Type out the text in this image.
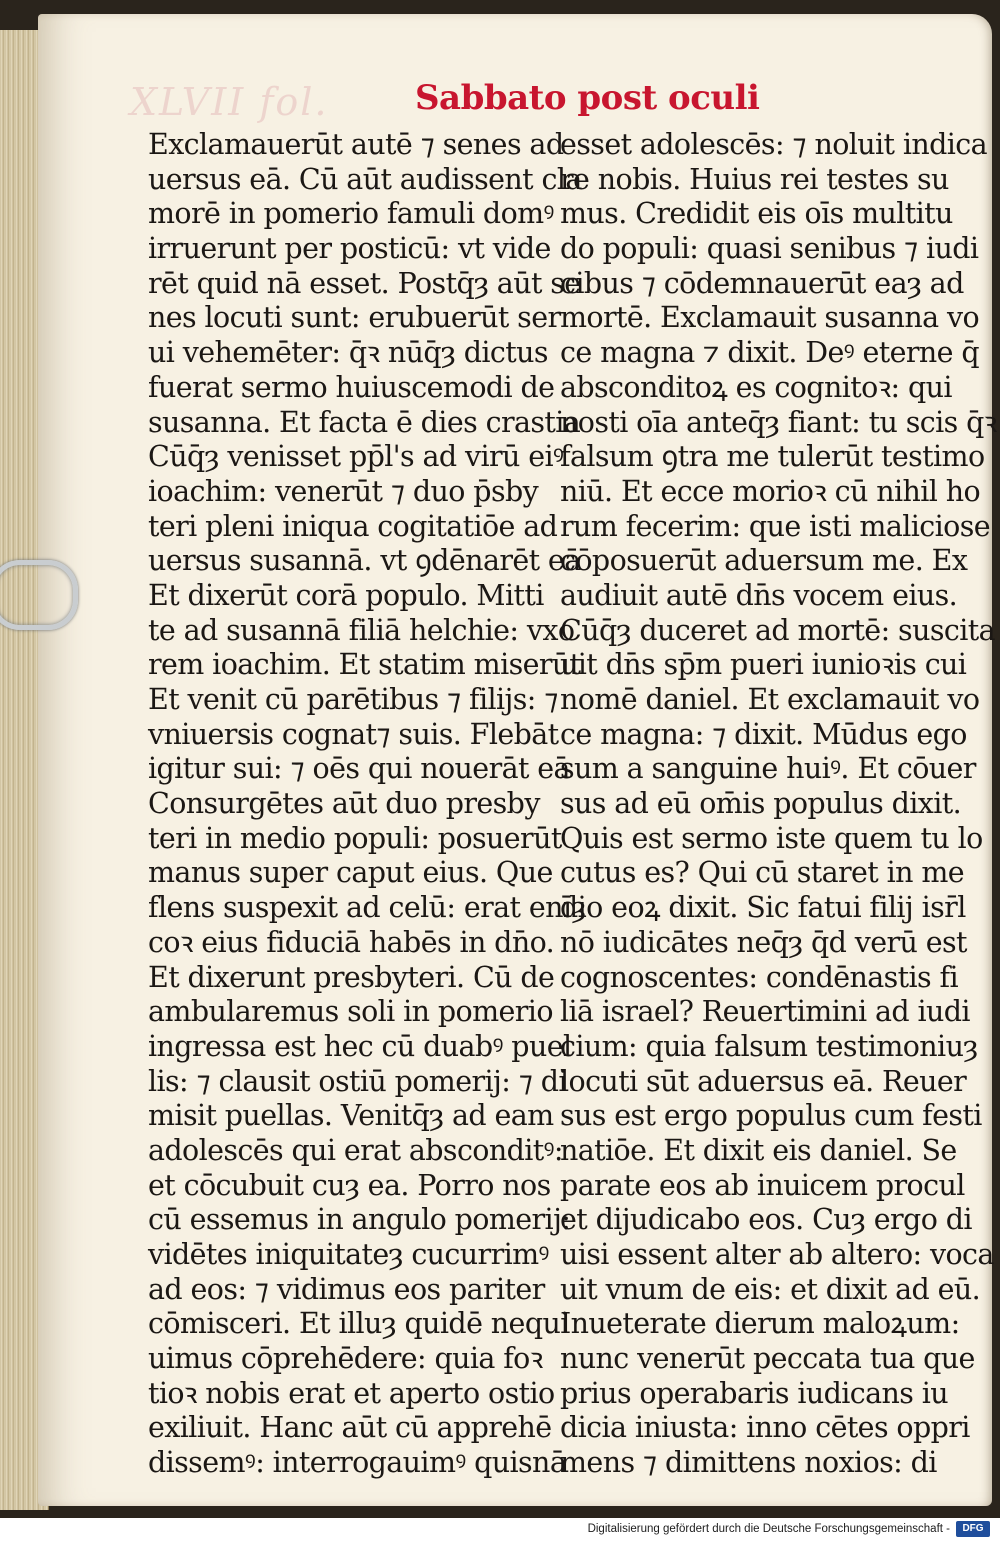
XLVII fol.	Sabbato post oculi
Exclamauerūt autē ⁊ senes ad
uersus eā. Cū aūt audissent cla
morē in pomerio famuli domꝰ
irruerunt per posticū: vt vide
rēt quid nā esset. Postq̄ȝ aūt se
nes locuti sunt: erubuerūt ser
ui vehemēter: q̄ꝛ nūq̄ȝ dictus
fuerat sermo huiuscemodi de
susanna. Et facta ē dies crastia
Cūq̄ȝ venisset pp̄l's ad virū eiꝰ
ioachim: venerūt ⁊ duo p̄sby
teri pleni iniqua cogitatiōe ad
uersus susannā. vt ꝯdēnarēt eā
Et dixerūt corā populo. Mitti
te ad susannā filiā helchie: vxo
rem ioachim. Et statim miserūt
Et venit cū parētibus ⁊ filijs: ⁊
vniuersis cognat⁊ suis. Flebāt
igitur sui: ⁊ oēs qui nouerāt eā
Consurgētes aūt duo presby
teri in medio populi: posuerūt
manus super caput eius. Que
flens suspexit ad celū: erat enīȝ
coꝛ eius fiduciā habēs in dn̄o.
Et dixerunt presbyteri. Cū de
ambularemus soli in pomerio
ingressa est hec cū duabꝰ puel
lis: ⁊ clausit ostiū pomerij: ⁊ di
misit puellas. Venitq̄ȝ ad eam
adolescēs qui erat absconditꝰ:
et cōcubuit cuȝ ea. Porro nos
cū essemus in angulo pomerij:
vidētes iniquitateȝ cucurrimꝰ
ad eos: ⁊ vidimus eos pariter
cōmisceri. Et illuȝ quidē nequi
uimus cōprehēdere: quia foꝛ
tioꝛ nobis erat et aperto ostio
exiliuit. Hanc aūt cū apprehē
dissemꝰ: interrogauimꝰ quisnā
esset adolescēs: ⁊ noluit indica
re nobis. Huius rei testes su
mus. Credidit eis oīs multitu
do populi: quasi senibus ⁊ iudi
cibus ⁊ cōdemnauerūt eaȝ ad
mortē. Exclamauit susanna vo
ce magna ⁊ dixit. Deꝰ eterne q̄
absconditoꝝ es cognitoꝛ: qui
nosti oīa anteq̄ȝ fiant: tu scis q̄ꝛ
falsum ꝯtra me tulerūt testimo
niū. Et ecce morioꝛ cū nihil ho
rum fecerim: que isti maliciose
cōposuerūt aduersum me. Ex
audiuit autē dn̄s vocem eius.
Cūq̄ȝ duceret ad mortē: suscita
uit dn̄s sp̄m pueri iunioꝛis cui
nomē daniel. Et exclamauit vo
ce magna: ⁊ dixit. Mūdus ego
sum a sanguine huiꝰ. Et cōuer
sus ad eū om̄is populus dixit.
Quis est sermo iste quem tu lo
cutus es? Qui cū staret in me
dio eoꝝ dixit. Sic fatui filij isr̄l
nō iudicātes neq̄ȝ q̄d verū est
cognoscentes: condēnastis fi
liā israel? Reuertimini ad iudi
cium: quia falsum testimoniuȝ
locuti sūt aduersus eā. Reuer
sus est ergo populus cum festi
natiōe. Et dixit eis daniel. Se
parate eos ab inuicem procul
et dijudicabo eos. Cuȝ ergo di
uisi essent alter ab altero: voca
uit vnum de eis: et dixit ad eū.
Inueterate dierum maloꝝum:
nunc venerūt peccata tua que
prius operabaris iudicans iu
dicia iniusta: inno cētes oppri
mens ⁊ dimittens noxios: di
Digitalisierung gefördert durch die Deutsche Forschungsgemeinschaft -	DFG
